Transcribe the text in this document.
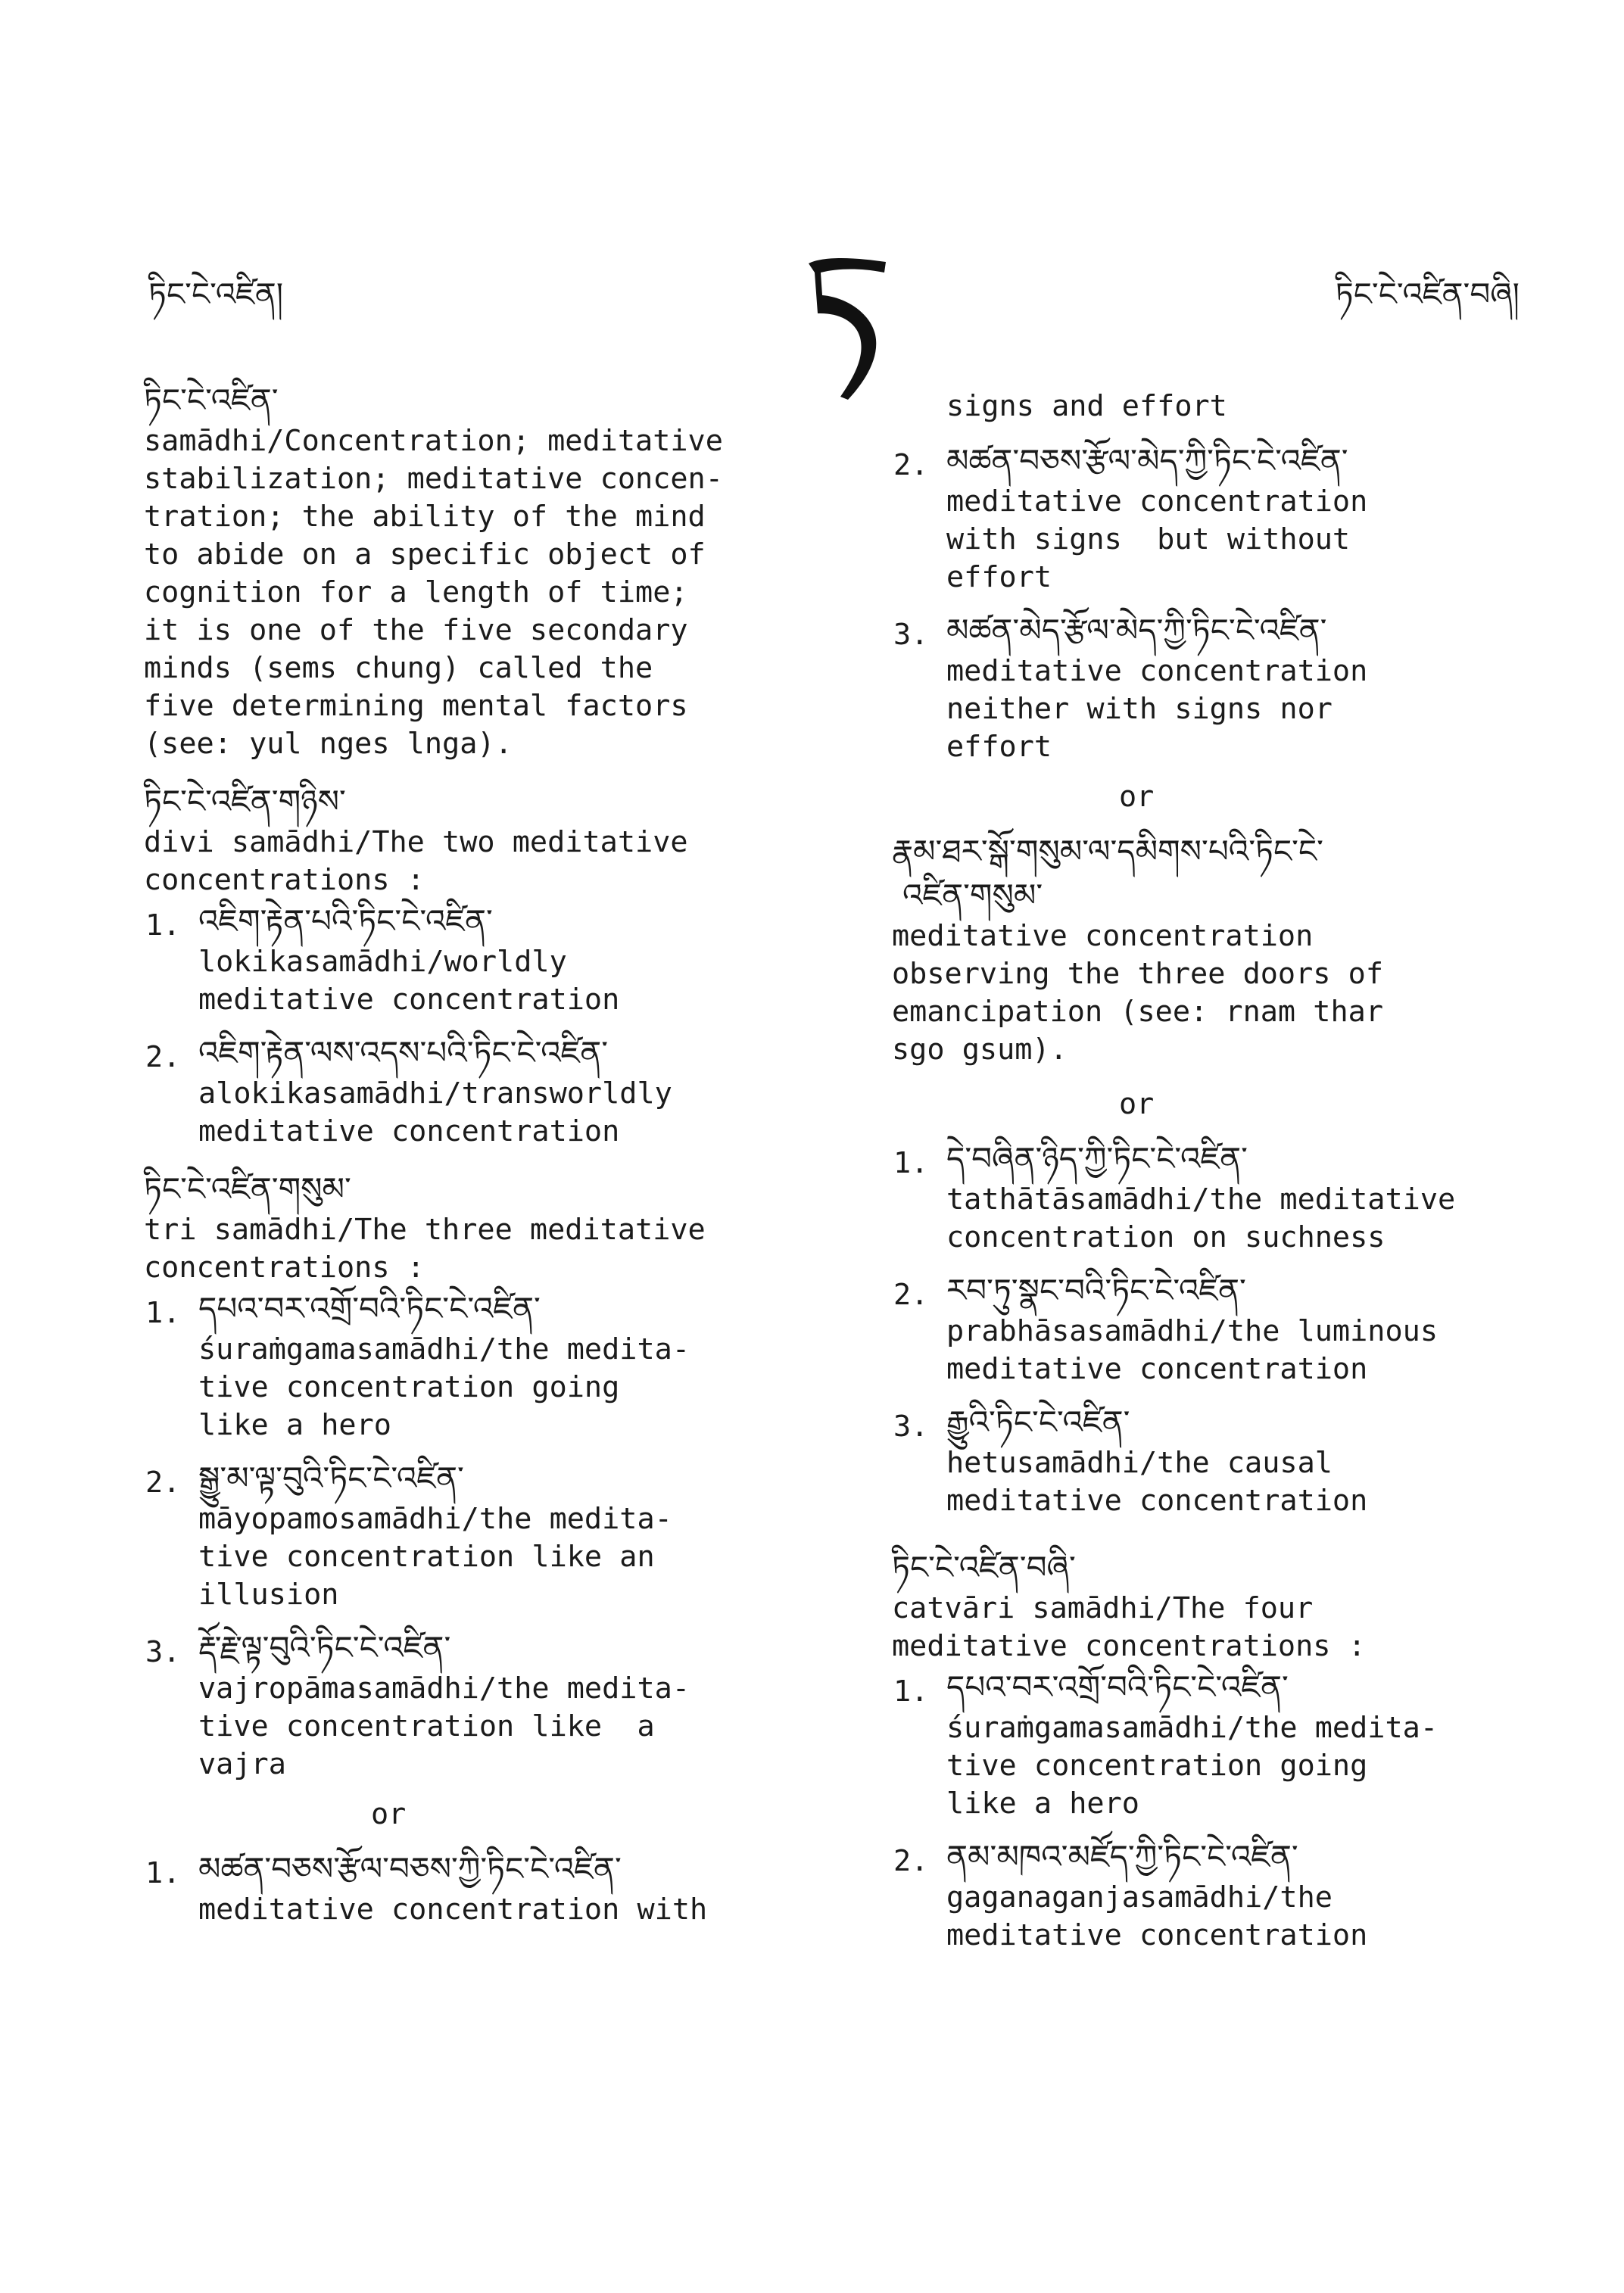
ཏིང་ངེ་འཛིན།	ཏིང་ངེ་འཛིན་བཞི།
ཏིང་ངེ་འཛིན་
samādhi/Concentration; meditative
stabilization; meditative concen-
tration; the ability of the mind
to abide on a specific object of
cognition for a length of time;
it is one of the five secondary
minds (sems chung) called the
five determining mental factors
(see: yul nges lnga).
ཏིང་ངེ་འཛིན་གཉིས་
divi samādhi/The two meditative
concentrations :
1. འཇིག་རྟེན་པའི་ཏིང་ངེ་འཛིན་
lokikasamādhi/worldly
meditative concentration
2. འཇིག་རྟེན་ལས་འདས་པའི་ཏིང་ངེ་འཛིན་
alokikasamādhi/transworldly
meditative concentration
ཏིང་ངེ་འཛིན་གསུམ་
tri samādhi/The three meditative
concentrations :
1. དཔའ་བར་འགྲོ་བའི་ཏིང་ངེ་འཛིན་
śuraṁgamasamādhi/the medita-
tive concentration going
like a hero
2. སྒྱུ་མ་ལྟ་བུའི་ཏིང་ངེ་འཛིན་
māyopamosamādhi/the medita-
tive concentration like an
illusion
3. རྡོ་རྗེ་ལྟ་བུའི་ཏིང་ངེ་འཛིན་
vajropāmasamādhi/the medita-
tive concentration like  a
vajra
or
1. མཚན་བཅས་རྩོལ་བཅས་ཀྱི་ཏིང་ངེ་འཛིན་
meditative concentration with
signs and effort
2. མཚན་བཅས་རྩོལ་མེད་ཀྱི་ཏིང་ངེ་འཛིན་
meditative concentration
with signs  but without
effort
3. མཚན་མེད་རྩོལ་མེད་ཀྱི་ཏིང་ངེ་འཛིན་
meditative concentration
neither with signs nor
effort
or
རྣམ་ཐར་སྒོ་གསུམ་ལ་དམིགས་པའི་ཏིང་ངེ་
འཛིན་གསུམ་
meditative concentration
observing the three doors of
emancipation (see: rnam thar
sgo gsum).
or
1. དེ་བཞིན་ཉིད་ཀྱི་ཏིང་ངེ་འཛིན་
tathātāsamādhi/the meditative
concentration on suchness
2. རབ་ཏུ་སྣང་བའི་ཏིང་ངེ་འཛིན་
prabhāsasamādhi/the luminous
meditative concentration
3. རྒྱུའི་ཏིང་ངེ་འཛིན་
hetusamādhi/the causal
meditative concentration
ཏིང་ངེ་འཛིན་བཞི་
catvāri samādhi/The four
meditative concentrations :
1. དཔའ་བར་འགྲོ་བའི་ཏིང་ངེ་འཛིན་
śuraṁgamasamādhi/the medita-
tive concentration going
like a hero
2. ནམ་མཁའ་མཛོད་ཀྱི་ཏིང་ངེ་འཛིན་
gaganaganjasamādhi/the
meditative concentration
